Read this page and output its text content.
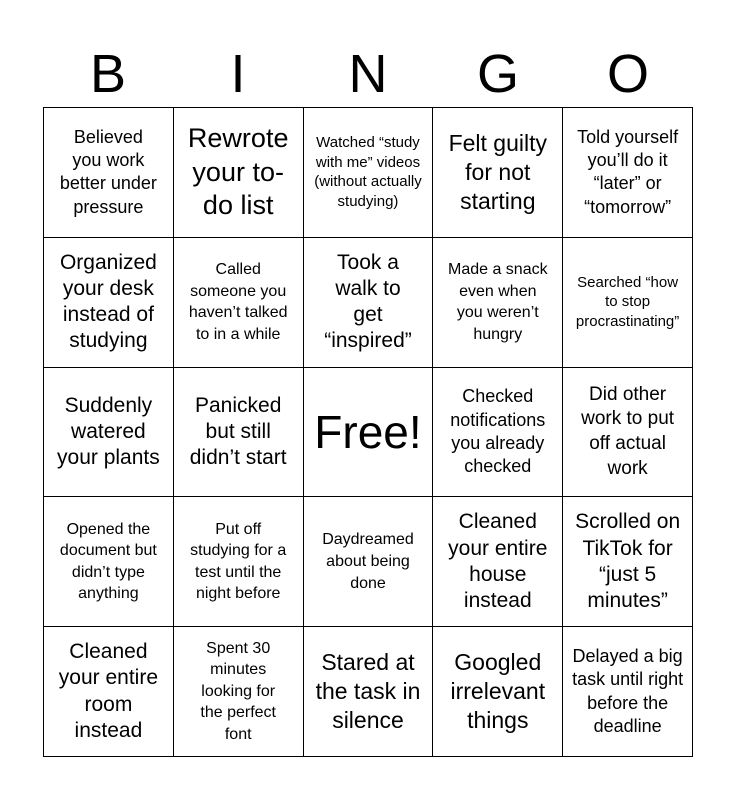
B	I	N	G	O
Believed you work better under pressure
Rewrote your to-do list
Watched “study with me” videos (without actually studying)
Felt guilty for not starting
Told yourself you’ll do it “later” or “tomorrow”
Organized your desk instead of studying
Called someone you haven’t talked to in a while
Took a walk to get “inspired”
Made a snack even when you weren’t hungry
Searched “how to stop procrastinating”
Suddenly watered your plants
Panicked but still didn’t start Free!
Checked notifications you already checked
Did other work to put off actual work
Opened the document but didn’t type anything
Put off studying for a test until the night before
Daydreamed about being done
Cleaned your entire house instead
Scrolled on TikTok for “just 5 minutes”
Cleaned your entire room instead
Spent 30 minutes looking for the perfect font
Stared at the task in silence
Googled irrelevant things
Delayed a big task until right before the deadline
